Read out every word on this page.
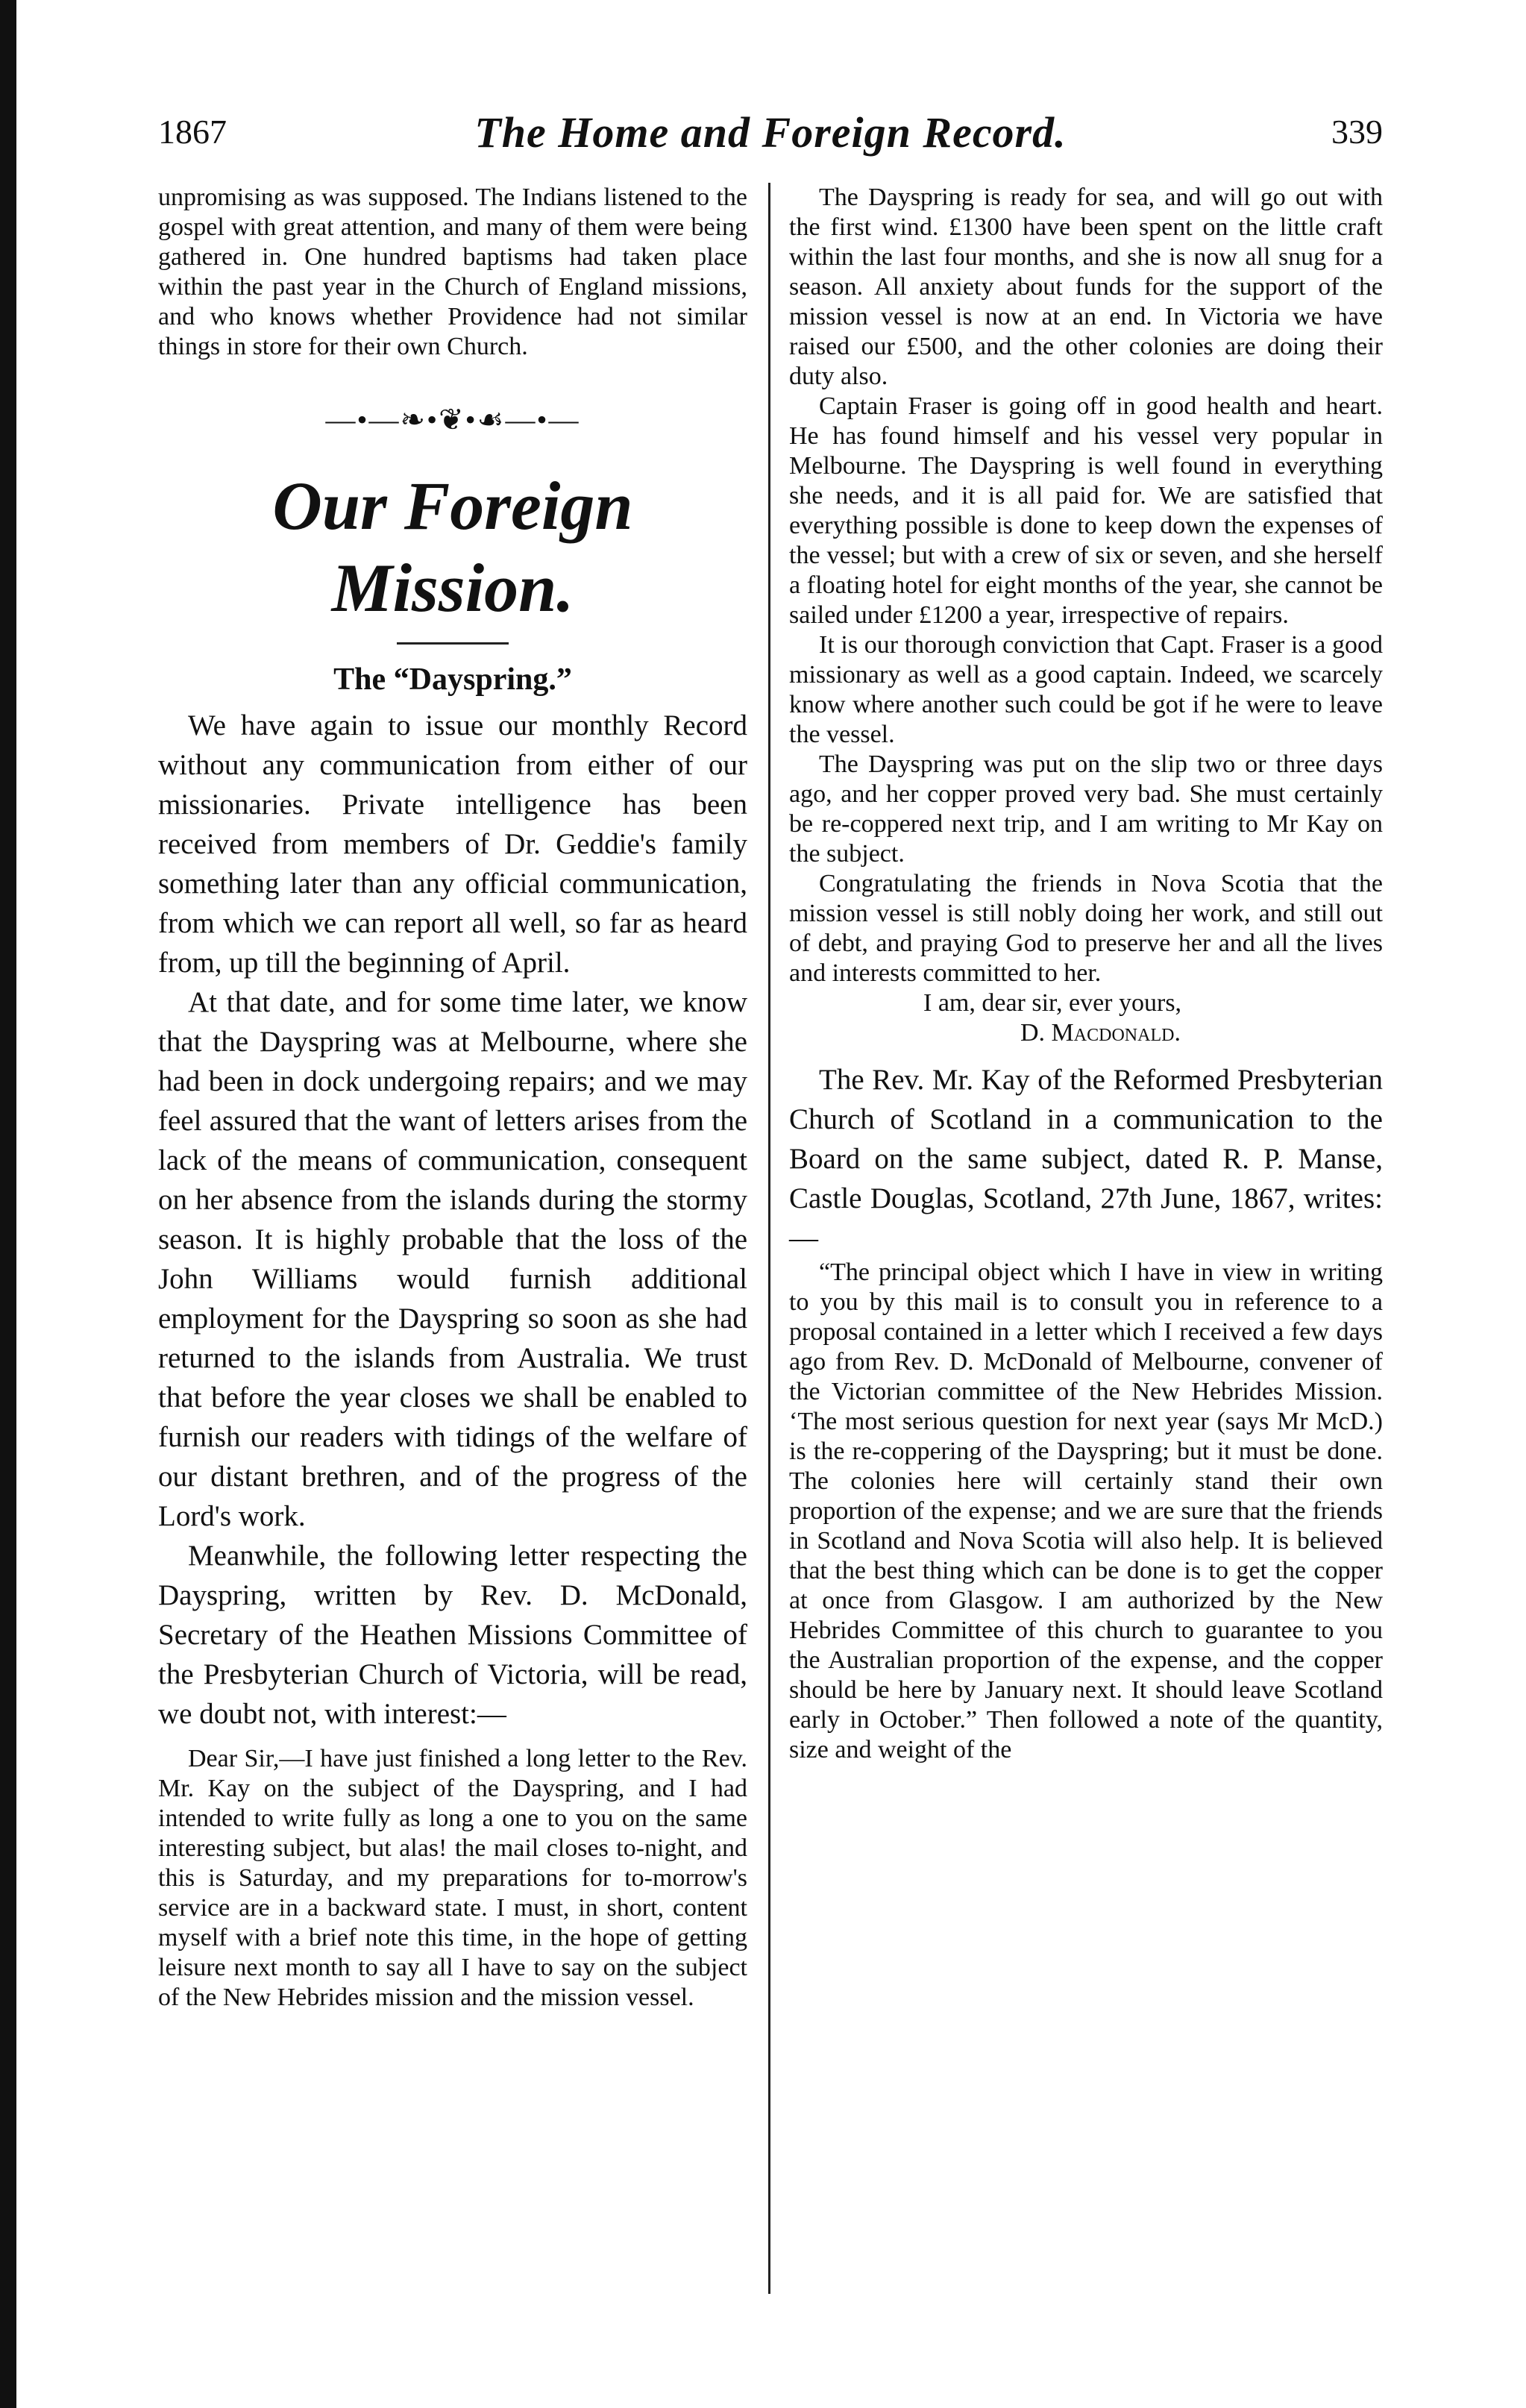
1867	The Home and Foreign Record.	339

unpromising as was supposed. The Indians listened to the gospel with great attention, and many of them were being gathered in. One hundred baptisms had taken place within the past year in the Church of England missions, and who knows whether Providence had not similar things in store for their own Church.

—•—❧•❦•☙—•—
Our Foreign Mission.
The “Dayspring.”

We have again to issue our monthly Record without any communication from either of our missionaries. Private intelligence has been received from members of Dr. Geddie's family something later than any official communication, from which we can report all well, so far as heard from, up till the beginning of April.

At that date, and for some time later, we know that the Dayspring was at Melbourne, where she had been in dock undergoing repairs; and we may feel assured that the want of letters arises from the lack of the means of communication, consequent on her absence from the islands during the stormy season. It is highly probable that the loss of the John Williams would furnish additional employment for the Dayspring so soon as she had returned to the islands from Australia. We trust that before the year closes we shall be enabled to furnish our readers with tidings of the welfare of our distant brethren, and of the progress of the Lord's work.

Meanwhile, the following letter respecting the Dayspring, written by Rev. D. McDonald, Secretary of the Heathen Missions Committee of the Presbyterian Church of Victoria, will be read, we doubt not, with interest:—

Dear Sir,—I have just finished a long letter to the Rev. Mr. Kay on the subject of the Dayspring, and I had intended to write fully as long a one to you on the same interesting subject, but alas! the mail closes to-night, and this is Saturday, and my preparations for to-morrow's service are in a backward state. I must, in short, content myself with a brief note this time, in the hope of getting leisure next month to say all I have to say on the subject of the New Hebrides mission and the mission vessel.

The Dayspring is ready for sea, and will go out with the first wind. £1300 have been spent on the little craft within the last four months, and she is now all snug for a season. All anxiety about funds for the support of the mission vessel is now at an end. In Victoria we have raised our £500, and the other colonies are doing their duty also.

Captain Fraser is going off in good health and heart. He has found himself and his vessel very popular in Melbourne. The Dayspring is well found in everything she needs, and it is all paid for. We are satisfied that everything possible is done to keep down the expenses of the vessel; but with a crew of six or seven, and she herself a floating hotel for eight months of the year, she cannot be sailed under £1200 a year, irrespective of repairs.

It is our thorough conviction that Capt. Fraser is a good missionary as well as a good captain. Indeed, we scarcely know where another such could be got if he were to leave the vessel.

The Dayspring was put on the slip two or three days ago, and her copper proved very bad. She must certainly be re-coppered next trip, and I am writing to Mr Kay on the subject.

Congratulating the friends in Nova Scotia that the mission vessel is still nobly doing her work, and still out of debt, and praying God to preserve her and all the lives and interests committed to her.

I am, dear sir, ever yours,

D. Macdonald.

The Rev. Mr. Kay of the Reformed Presbyterian Church of Scotland in a communication to the Board on the same subject, dated R. P. Manse, Castle Douglas, Scotland, 27th June, 1867, writes:—

“The principal object which I have in view in writing to you by this mail is to consult you in reference to a proposal contained in a letter which I received a few days ago from Rev. D. McDonald of Melbourne, convener of the Victorian committee of the New Hebrides Mission. ‘The most serious question for next year (says Mr McD.) is the re-coppering of the Dayspring; but it must be done. The colonies here will certainly stand their own proportion of the expense; and we are sure that the friends in Scotland and Nova Scotia will also help. It is believed that the best thing which can be done is to get the copper at once from Glasgow. I am authorized by the New Hebrides Committee of this church to guarantee to you the Australian proportion of the expense, and the copper should be here by January next. It should leave Scotland early in October.” Then followed a note of the quantity, size and weight of the
